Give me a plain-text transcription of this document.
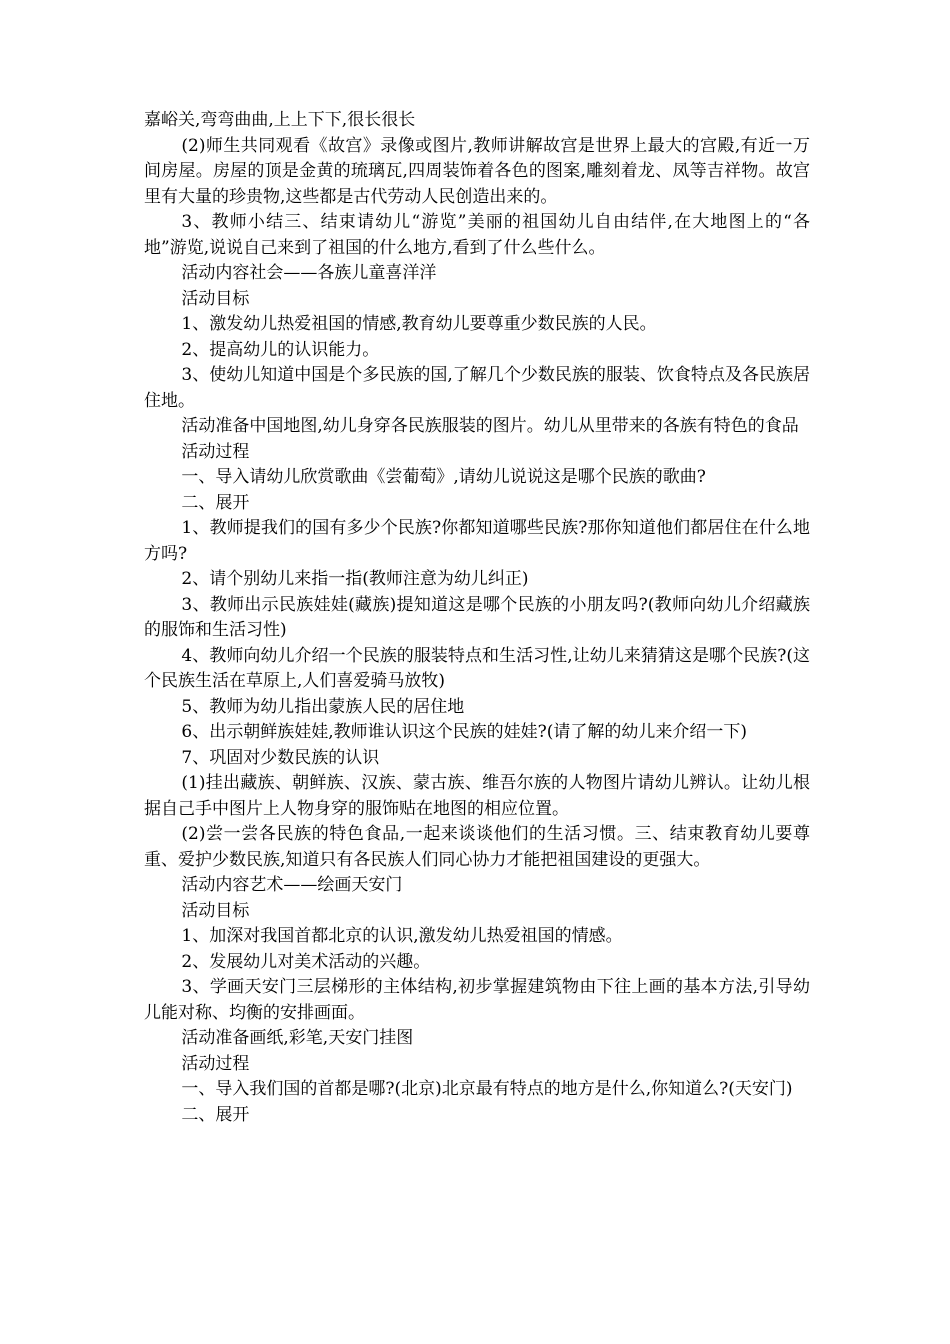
嘉峪关,弯弯曲曲,上上下下,很长很长

(2)师生共同观看《故宫》录像或图片,教师讲解故宫是世界上最大的宫殿,有近一万间房屋。房屋的顶是金黄的琉璃瓦,四周装饰着各色的图案,雕刻着龙、凤等吉祥物。故宫里有大量的珍贵物,这些都是古代劳动人民创造出来的。

3、教师小结三、结束请幼儿“游览”美丽的祖国幼儿自由结伴,在大地图上的“各地”游览,说说自己来到了祖国的什么地方,看到了什么些什么。

活动内容社会——各族儿童喜洋洋

活动目标

1、激发幼儿热爱祖国的情感,教育幼儿要尊重少数民族的人民。

2、提高幼儿的认识能力。

3、使幼儿知道中国是个多民族的国,了解几个少数民族的服装、饮食特点及各民族居住地。

活动准备中国地图,幼儿身穿各民族服装的图片。幼儿从里带来的各族有特色的食品

活动过程

一、导入请幼儿欣赏歌曲《尝葡萄》,请幼儿说说这是哪个民族的歌曲?

二、展开

1、教师提我们的国有多少个民族?你都知道哪些民族?那你知道他们都居住在什么地方吗?

2、请个别幼儿来指一指(教师注意为幼儿纠正)

3、教师出示民族娃娃(藏族)提知道这是哪个民族的小朋友吗?(教师向幼儿介绍藏族的服饰和生活习性)

4、教师向幼儿介绍一个民族的服装特点和生活习性,让幼儿来猜猜这是哪个民族?(这个民族生活在草原上,人们喜爱骑马放牧)

5、教师为幼儿指出蒙族人民的居住地

6、出示朝鲜族娃娃,教师谁认识这个民族的娃娃?(请了解的幼儿来介绍一下)

7、巩固对少数民族的认识

(1)挂出藏族、朝鲜族、汉族、蒙古族、维吾尔族的人物图片请幼儿辨认。让幼儿根据自己手中图片上人物身穿的服饰贴在地图的相应位置。

(2)尝一尝各民族的特色食品,一起来谈谈他们的生活习惯。三、结束教育幼儿要尊重、爱护少数民族,知道只有各民族人们同心协力才能把祖国建设的更强大。

活动内容艺术——绘画天安门

活动目标

1、加深对我国首都北京的认识,激发幼儿热爱祖国的情感。

2、发展幼儿对美术活动的兴趣。

3、学画天安门三层梯形的主体结构,初步掌握建筑物由下往上画的基本方法,引导幼儿能对称、均衡的安排画面。

活动准备画纸,彩笔,天安门挂图

活动过程

一、导入我们国的首都是哪?(北京)北京最有特点的地方是什么,你知道么?(天安门)

二、展开
